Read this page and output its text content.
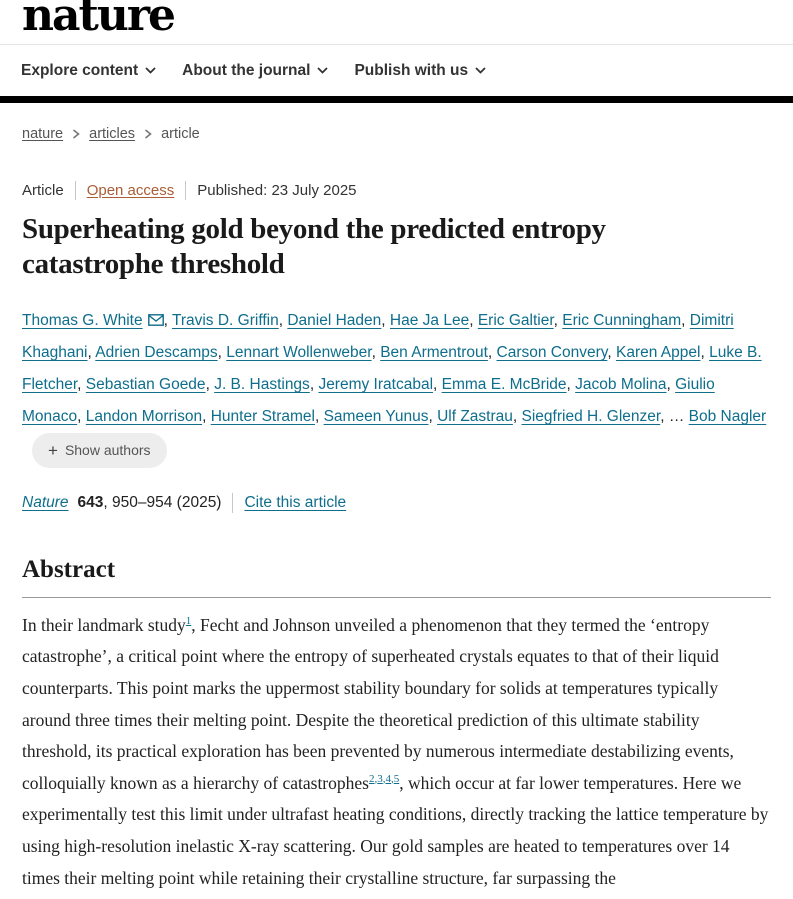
nature
Explore content	About the journal	Publish with us
nature articles article
Article Open access Published: 23 July 2025
Superheating gold beyond the predicted entropy catastrophe threshold

Thomas G. White , Travis D. Griffin, Daniel Haden, Hae Ja Lee, Eric Galtier, Eric Cunningham, Dimitri Khaghani, Adrien Descamps, Lennart Wollenweber, Ben Armentrout, Carson Convery, Karen Appel, Luke B. Fletcher, Sebastian Goede, J. B. Hastings, Jeremy Iratcabal, Emma E. McBride, Jacob Molina, Giulio Monaco, Landon Morrison, Hunter Stramel, Sameen Yunus, Ulf Zastrau, Siegfried H. Glenzer, … Bob Nagler
+ Show authors

Nature 643 , 950–954 (2025) Cite this article
Abstract

In their landmark study$^1$, Fecht and Johnson unveiled a phenomenon that they termed the ‘entropy catastrophe’, a critical point where the entropy of superheated crystals equates to that of their liquid counterparts. This point marks the uppermost stability boundary for solids at temperatures typically around three times their melting point. Despite the theoretical prediction of this ultimate stability threshold, its practical exploration has been prevented by numerous intermediate destabilizing events, colloquially known as a hierarchy of catastrophes$^{2,3,4,5}$, which occur at far lower temperatures. Here we experimentally test this limit under ultrafast heating conditions, directly tracking the lattice temperature by using high-resolution inelastic X-ray scattering. Our gold samples are heated to temperatures over 14 times their melting point while retaining their crystalline structure, far surpassing the
